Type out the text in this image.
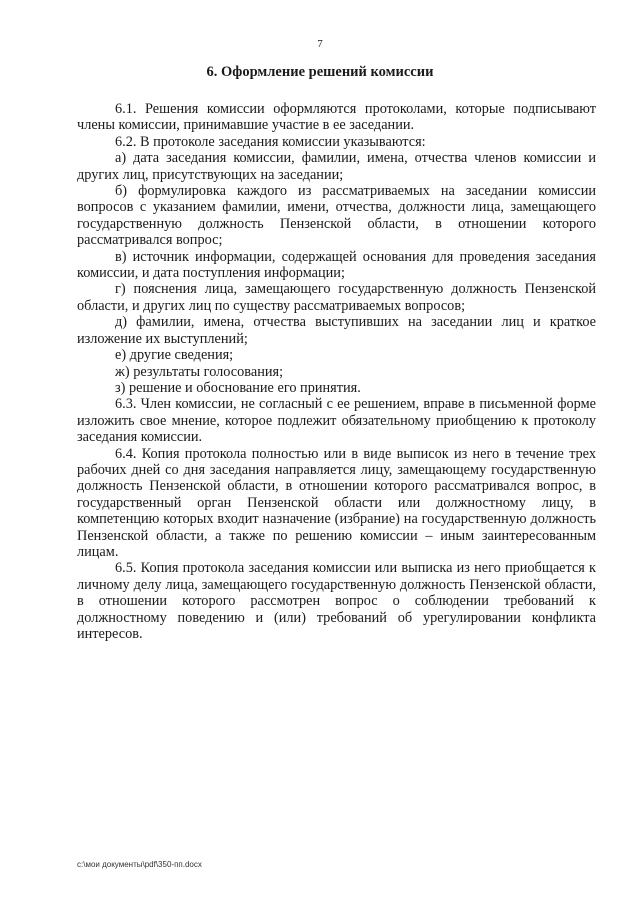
7
6. Оформление решений комиссии

6.1. Решения комиссии оформляются протоколами, которые подписывают члены комиссии, принимавшие участие в ее заседании.

6.2. В протоколе заседания комиссии указываются:

а) дата заседания комиссии, фамилии, имена, отчества членов комиссии и других лиц, присутствующих на заседании;

б) формулировка каждого из рассматриваемых на заседании комиссии вопросов с указанием фамилии, имени, отчества, должности лица, замещающего государственную должность Пензенской области, в отношении которого рассматривался вопрос;

в) источник информации, содержащей основания для проведения заседания комиссии, и дата поступления информации;

г) пояснения лица, замещающего государственную должность Пензенской области, и других лиц по существу рассматриваемых вопросов;

д) фамилии, имена, отчества выступивших на заседании лиц и краткое изложение их выступлений;

е) другие сведения;

ж) результаты голосования;

з) решение и обоснование его принятия.

6.3. Член комиссии, не согласный с ее решением, вправе в письменной форме изложить свое мнение, которое подлежит обязательному приобщению к протоколу заседания комиссии.

6.4. Копия протокола полностью или в виде выписок из него в течение трех рабочих дней со дня заседания направляется лицу, замещающему государственную должность Пензенской области, в отношении которого рассматривался вопрос, в государственный орган Пензенской области или должностному лицу, в компетенцию которых входит назначение (избрание) на государственную должность Пензенской области, а также по решению комиссии – иным заинтересованным лицам.

6.5. Копия протокола заседания комиссии или выписка из него приобщается к личному делу лица, замещающего государственную должность Пензенской области, в отношении которого рассмотрен вопрос о соблюдении требований к должностному поведению и (или) требований об урегулировании конфликта интересов.

c:\мои документы\pdf\350-пп.docx
